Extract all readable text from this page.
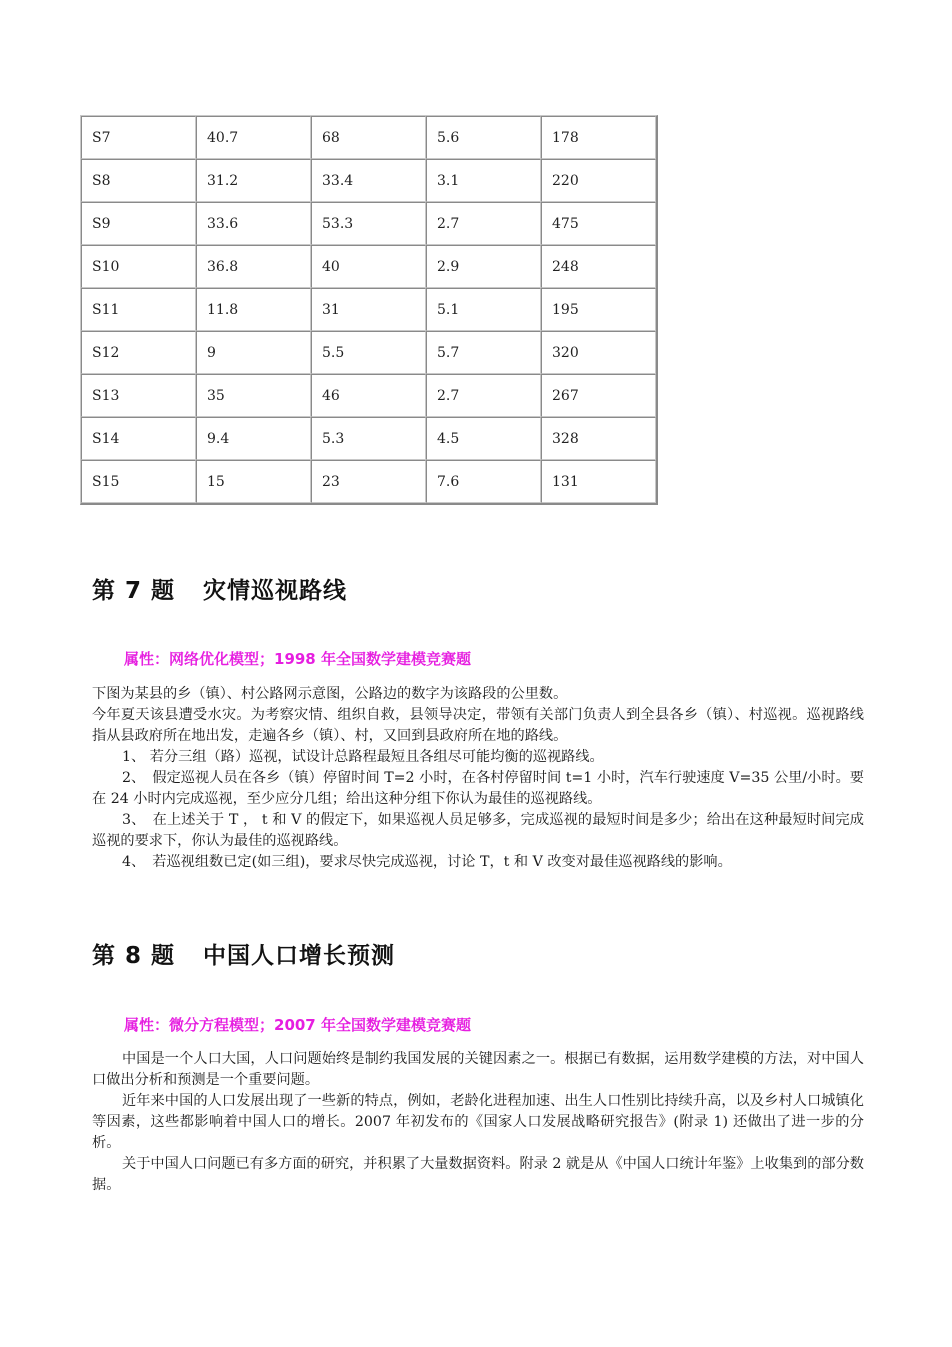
S7	40.7	68	5.6	178
S8	31.2	33.4	3.1	220
S9	33.6	53.3	2.7	475
S10	36.8	40	2.9	248
S11	11.8	31	5.1	195
S12	9	5.5	5.7	320
S13	35	46	2.7	267
S14	9.4	5.3	4.5	328
S15	15	23	7.6	131
第 7 题 灾情巡视路线
属性：网络优化模型；1998 年全国数学建模竞赛题

下图为某县的乡（镇）、村公路网示意图，公路边的数字为该路段的公里数。

今年夏天该县遭受水灾。为考察灾情、组织自救，县领导决定，带领有关部门负责人到全县各乡（镇）、村巡视。巡视路线指从县政府所在地出发，走遍各乡（镇）、村，又回到县政府所在地的路线。

1、 若分三组（路）巡视，试设计总路程最短且各组尽可能均衡的巡视路线。

2、　假定巡视人员在各乡（镇）停留时间 T=2 小时，在各村停留时间 t=1 小时，汽车行驶速度 V=35 公里/小时。要在 24 小时内完成巡视，至少应分几组；给出这种分组下你认为最佳的巡视路线。

3、　在上述关于 T ， t 和 V 的假定下，如果巡视人员足够多，完成巡视的最短时间是多少；给出在这种最短时间完成巡视的要求下，你认为最佳的巡视路线。

4、　若巡视组数已定(如三组)，要求尽快完成巡视，讨论 T，t 和 V 改变对最佳巡视路线的影响。

第 8 题 中国人口增长预测
属性：微分方程模型；2007 年全国数学建模竞赛题

中国是一个人口大国，人口问题始终是制约我国发展的关键因素之一。根据已有数据，运用数学建模的方法，对中国人口做出分析和预测是一个重要问题。

近年来中国的人口发展出现了一些新的特点，例如，老龄化进程加速、出生人口性别比持续升高，以及乡村人口城镇化等因素，这些都影响着中国人口的增长。2007 年初发布的《国家人口发展战略研究报告》(附录 1) 还做出了进一步的分析。

关于中国人口问题已有多方面的研究，并积累了大量数据资料。附录 2 就是从《中国人口统计年鉴》上收集到的部分数据。
